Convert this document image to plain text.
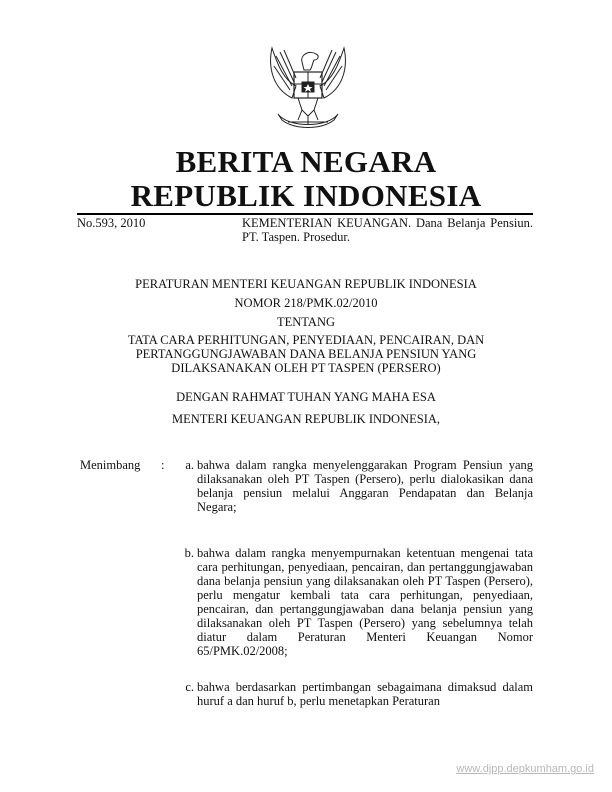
BERITA NEGARA
REPUBLIK INDONESIA
No.593, 2010	KEMENTERIAN KEUANGAN. Dana Belanja Pensiun. PT. Taspen. Prosedur.
PERATURAN MENTERI KEUANGAN REPUBLIK INDONESIA
NOMOR 218/PMK.02/2010
TENTANG
TATA CARA PERHITUNGAN, PENYEDIAAN, PENCAIRAN, DAN
PERTANGGUNGJAWABAN DANA BELANJA PENSIUN YANG
DILAKSANAKAN OLEH PT TASPEN (PERSERO)
DENGAN RAHMAT TUHAN YANG MAHA ESA
MENTERI KEUANGAN REPUBLIK INDONESIA,
Menimbang :	a. bahwa dalam rangka menyelenggarakan Program Pensiun yang dilaksanakan oleh PT Taspen (Persero), perlu dialokasikan dana belanja pensiun melalui Anggaran Pendapatan dan Belanja Negara;
b. bahwa dalam rangka menyempurnakan ketentuan mengenai tata cara perhitungan, penyediaan, pencairan, dan pertanggungjawaban dana belanja pensiun yang dilaksanakan oleh PT Taspen (Persero), perlu mengatur kembali tata cara perhitungan, penyediaan, pencairan, dan pertanggungjawaban dana belanja pensiun yang dilaksanakan oleh PT Taspen (Persero) yang sebelumnya telah diatur dalam Peraturan Menteri Keuangan Nomor 65/PMK.02/2008;
c. bahwa berdasarkan pertimbangan sebagaimana dimaksud dalam huruf a dan huruf b, perlu menetapkan Peraturan
www.djpp.depkumham.go.id
